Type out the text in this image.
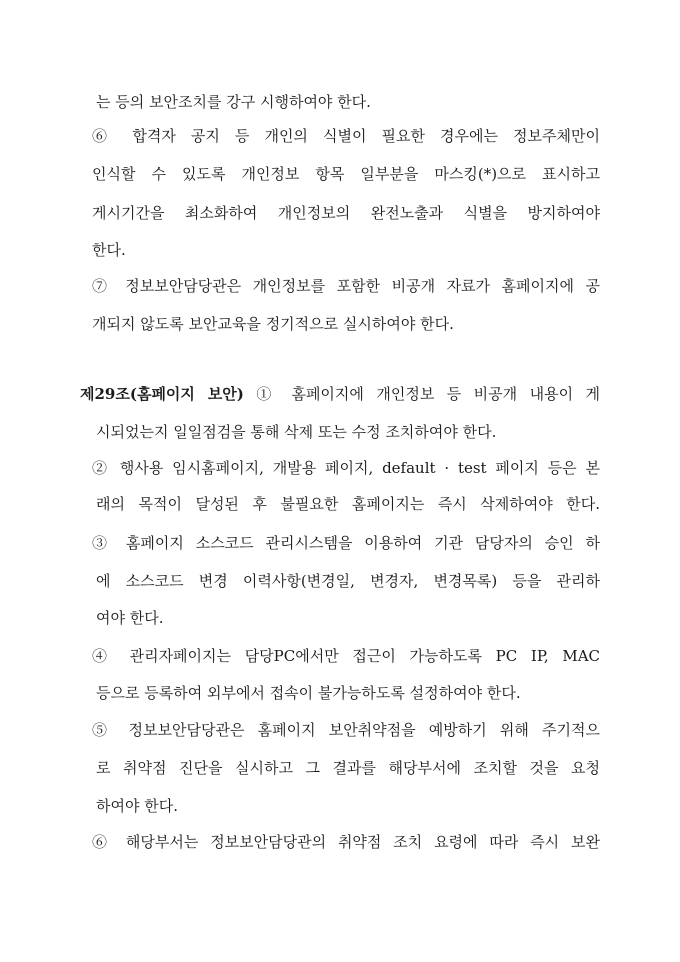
는 등의 보안조치를 강구 시행하여야 한다.
⑥ 합격자 공지 등 개인의 식별이 필요한 경우에는 정보주체만이
인식할 수 있도록 개인정보 항목 일부분을 마스킹(*)으로 표시하고
게시기간을 최소화하여 개인정보의 완전노출과 식별을 방지하여야
한다.
⑦ 정보보안담당관은 개인정보를 포함한 비공개 자료가 홈페이지에 공
개되지 않도록 보안교육을 정기적으로 실시하여야 한다.
제29조(홈페이지 보안) ① 홈페이지에 개인정보 등 비공개 내용이 게
시되었는지 일일점검을 통해 삭제 또는 수정 조치하여야 한다.
② 행사용 임시홈페이지, 개발용 페이지, default · test 페이지 등은 본
래의 목적이 달성된 후 불필요한 홈페이지는 즉시 삭제하여야 한다.
③ 홈페이지 소스코드 관리시스템을 이용하여 기관 담당자의 승인 하
에 소스코드 변경 이력사항(변경일, 변경자, 변경목록) 등을 관리하
여야 한다.
④ 관리자페이지는 담당PC에서만 접근이 가능하도록 PC IP, MAC
등으로 등록하여 외부에서 접속이 불가능하도록 설정하여야 한다.
⑤ 정보보안담당관은 홈페이지 보안취약점을 예방하기 위해 주기적으
로 취약점 진단을 실시하고 그 결과를 해당부서에 조치할 것을 요청
하여야 한다.
⑥ 해당부서는 정보보안담당관의 취약점 조치 요령에 따라 즉시 보완
